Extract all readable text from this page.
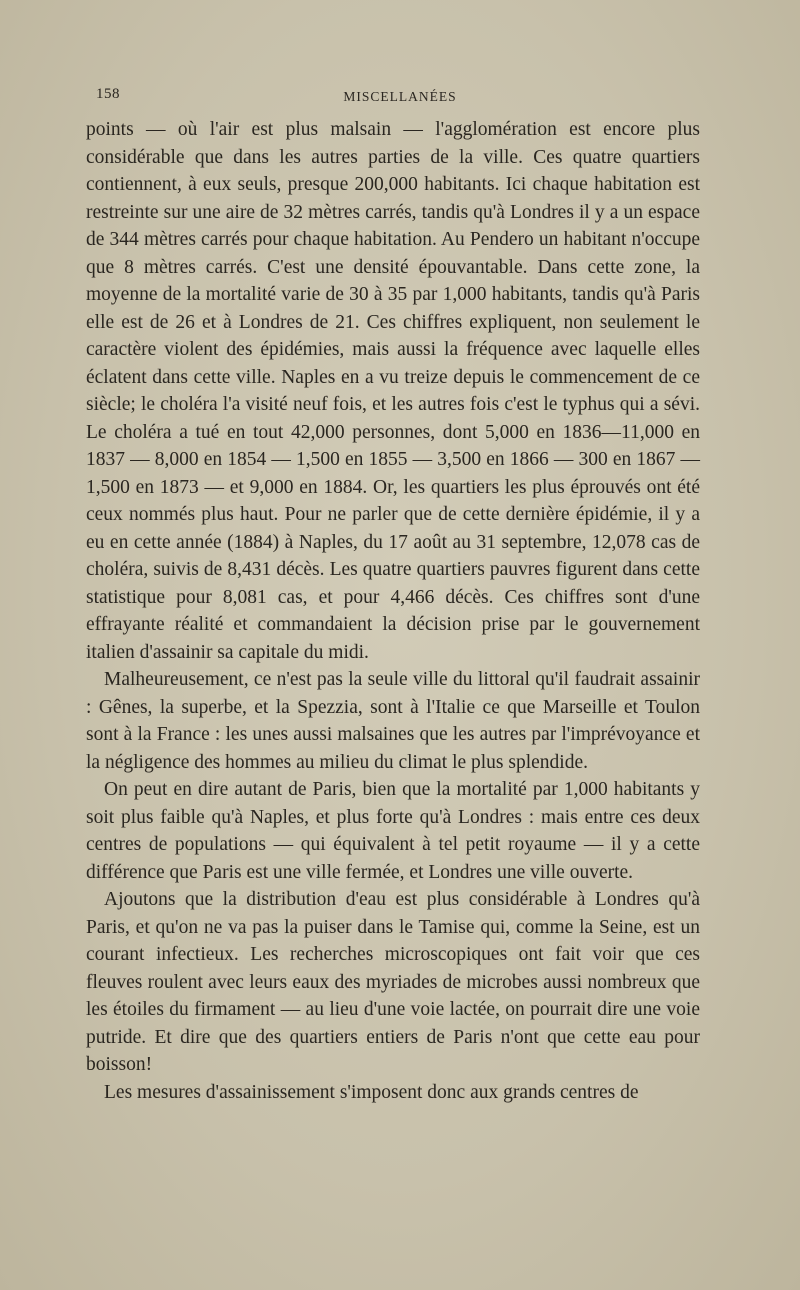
158	MISCELLANÉES

points — où l'air est plus malsain — l'agglomération est encore plus considérable que dans les autres parties de la ville. Ces quatre quartiers contiennent, à eux seuls, presque 200,000 habitants. Ici chaque habitation est restreinte sur une aire de 32 mètres carrés, tandis qu'à Londres il y a un espace de 344 mètres carrés pour chaque habitation. Au Pendero un habitant n'occupe que 8 mètres carrés. C'est une densité épouvantable. Dans cette zone, la moyenne de la mortalité varie de 30 à 35 par 1,000 habitants, tandis qu'à Paris elle est de 26 et à Londres de 21. Ces chiffres expliquent, non seulement le caractère violent des épidémies, mais aussi la fréquence avec laquelle elles éclatent dans cette ville. Naples en a vu treize depuis le commencement de ce siècle; le choléra l'a visité neuf fois, et les autres fois c'est le typhus qui a sévi. Le choléra a tué en tout 42,000 personnes, dont 5,000 en 1836—11,000 en 1837 — 8,000 en 1854 — 1,500 en 1855 — 3,500 en 1866 — 300 en 1867 — 1,500 en 1873 — et 9,000 en 1884. Or, les quartiers les plus éprouvés ont été ceux nommés plus haut. Pour ne parler que de cette dernière épidémie, il y a eu en cette année (1884) à Naples, du 17 août au 31 septembre, 12,078 cas de choléra, suivis de 8,431 décès. Les quatre quartiers pauvres figurent dans cette statistique pour 8,081 cas, et pour 4,466 décès. Ces chiffres sont d'une effrayante réalité et commandaient la décision prise par le gouvernement italien d'assainir sa capitale du midi.

Malheureusement, ce n'est pas la seule ville du littoral qu'il faudrait assainir : Gênes, la superbe, et la Spezzia, sont à l'Italie ce que Marseille et Toulon sont à la France : les unes aussi malsaines que les autres par l'imprévoyance et la négligence des hommes au milieu du climat le plus splendide.

On peut en dire autant de Paris, bien que la mortalité par 1,000 habitants y soit plus faible qu'à Naples, et plus forte qu'à Londres : mais entre ces deux centres de populations — qui équivalent à tel petit royaume — il y a cette différence que Paris est une ville fermée, et Londres une ville ouverte.

Ajoutons que la distribution d'eau est plus considérable à Londres qu'à Paris, et qu'on ne va pas la puiser dans le Tamise qui, comme la Seine, est un courant infectieux. Les recherches microscopiques ont fait voir que ces fleuves roulent avec leurs eaux des myriades de microbes aussi nombreux que les étoiles du firmament — au lieu d'une voie lactée, on pourrait dire une voie putride. Et dire que des quartiers entiers de Paris n'ont que cette eau pour boisson!

Les mesures d'assainissement s'imposent donc aux grands centres de
